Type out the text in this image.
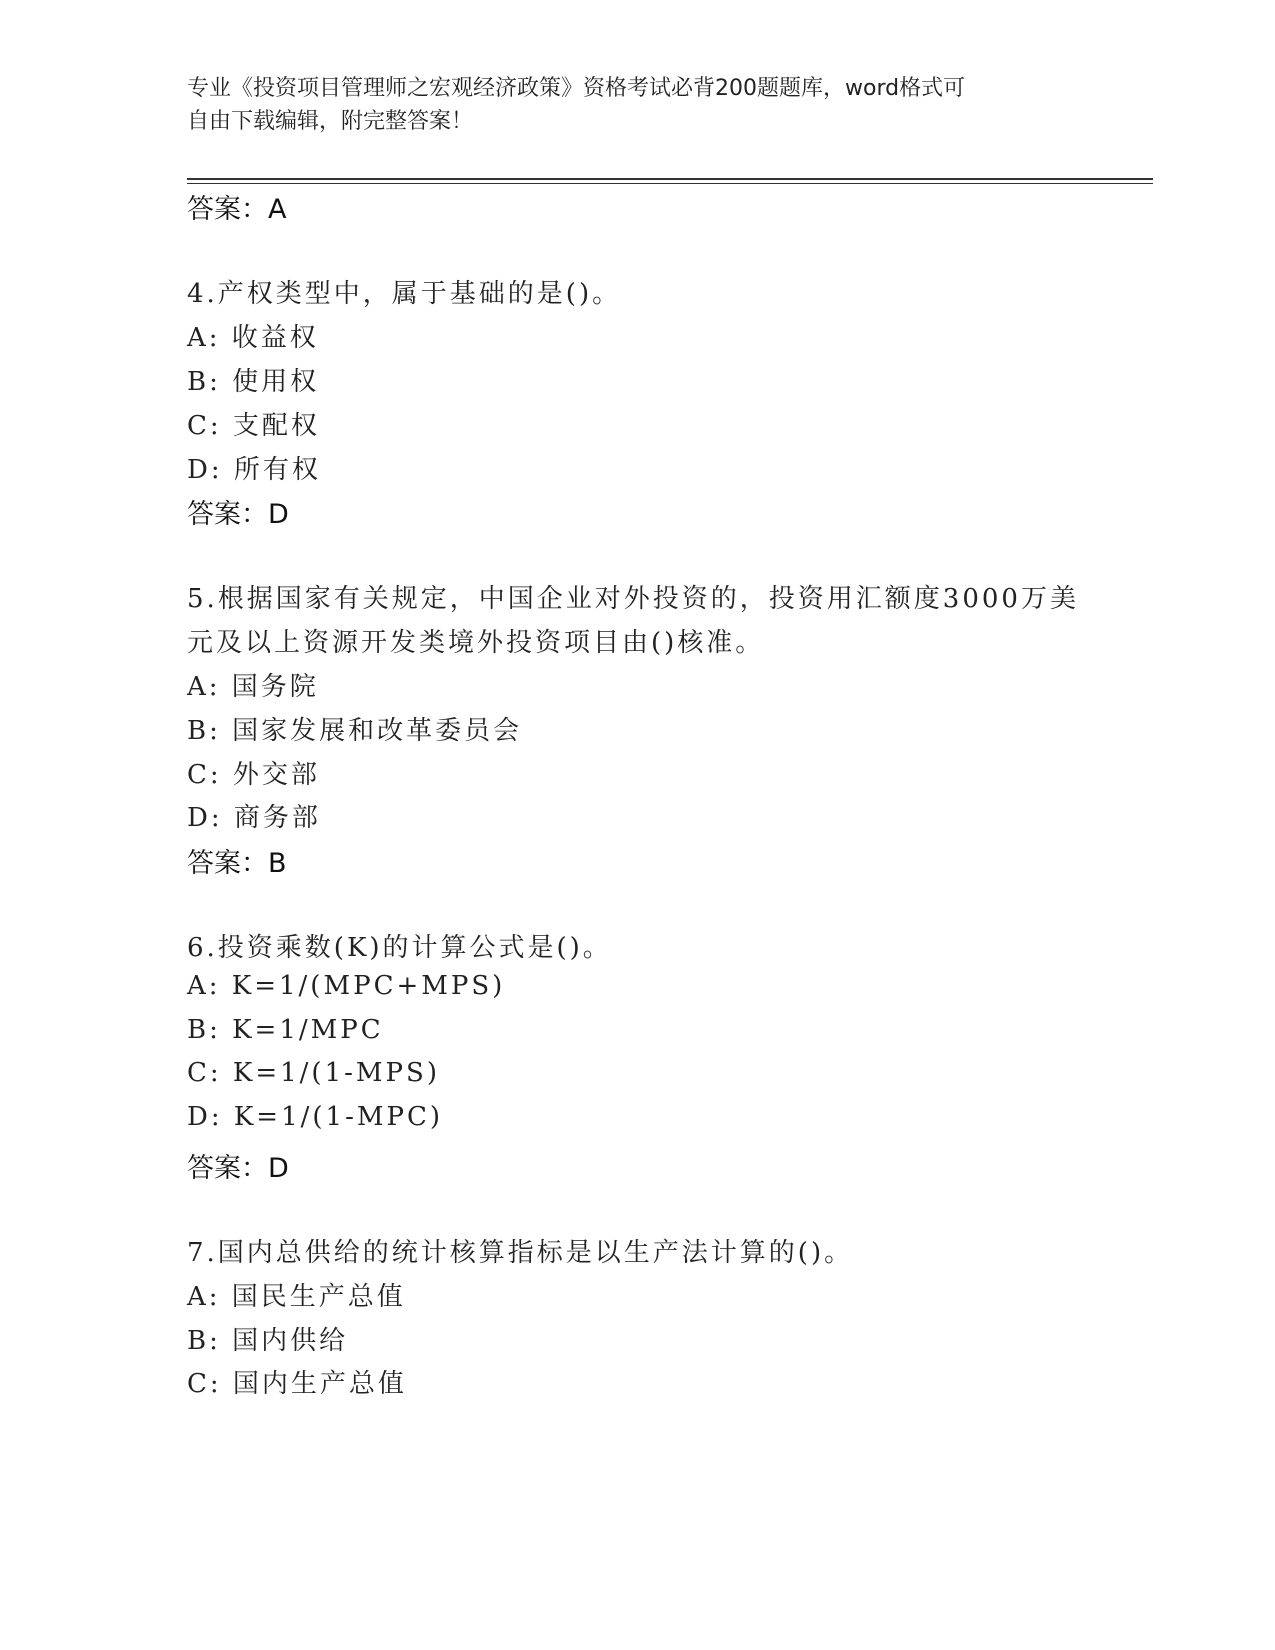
专业《投资项目管理师之宏观经济政策》资格考试必背200题题库，word格式可
自由下载编辑，附完整答案！
答案：A
4.产权类型中，属于基础的是()。
A: 收益权
B: 使用权
C: 支配权
D: 所有权
答案：D
5.根据国家有关规定，中国企业对外投资的，投资用汇额度3000万美
元及以上资源开发类境外投资项目由()核准。
A: 国务院
B: 国家发展和改革委员会
C: 外交部
D: 商务部
答案：B
6.投资乘数(K)的计算公式是()。
A: K=1/(MPC+MPS)
B: K=1/MPC
C: K=1/(1-MPS)
D: K=1/(1-MPC)
答案：D
7.国内总供给的统计核算指标是以生产法计算的()。
A: 国民生产总值
B: 国内供给
C: 国内生产总值
